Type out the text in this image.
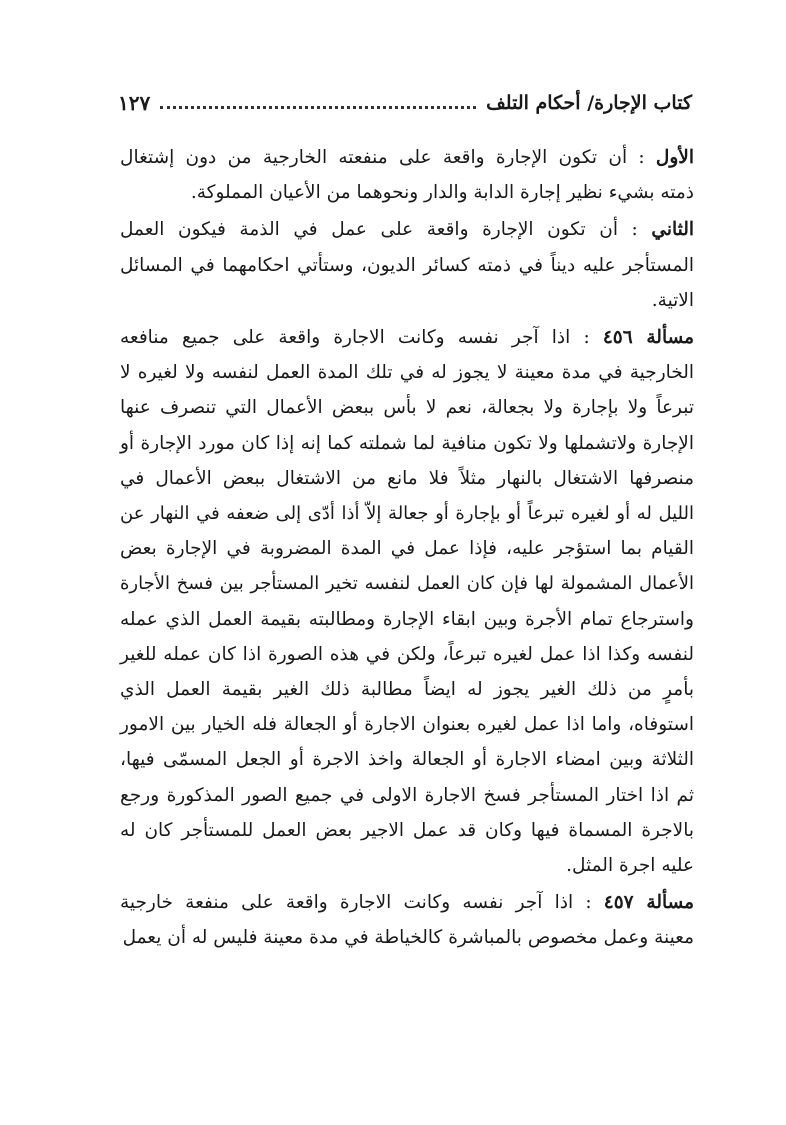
كتاب الإجارة/ أحكام التلف
١٢٧
الأول : أن تكون الإجارة واقعة على منفعته الخارجية من دون إشتغال
ذمته بشيء نظير إجارة الدابة والدار ونحوهما من الأعيان المملوكة.
الثاني : أن تكون الإجارة واقعة على عمل في الذمة فيكون العمل
المستأجر عليه ديناً في ذمته كسائر الديون، وستأتي احكامهما في المسائل
الاتية.
مسألة ٤٥٦ : اذا آجر نفسه وكانت الاجارة واقعة على جميع منافعه
الخارجية في مدة معينة لا يجوز له في تلك المدة العمل لنفسه ولا لغيره لا
تبرعاً ولا بإجارة ولا بجعالة، نعم لا بأس ببعض الأعمال التي تنصرف عنها
الإجارة ولاتشملها ولا تكون منافية لما شملته كما إنه إذا كان مورد الإجارة أو
منصرفها الاشتغال بالنهار مثلاً فلا مانع من الاشتغال ببعض الأعمال في
الليل له أو لغيره تبرعاً أو بإجارة أو جعالة إلاّ أذا أدّى إلى ضعفه في النهار عن
القيام بما استؤجر عليه، فإذا عمل في المدة المضروبة في الإجارة بعض
الأعمال المشمولة لها فإن كان العمل لنفسه تخير المستأجر بين فسخ الأجارة
واسترجاع تمام الأجرة وبين ابقاء الإجارة ومطالبته بقيمة العمل الذي عمله
لنفسه وكذا اذا عمل لغيره تبرعاً، ولكن في هذه الصورة اذا كان عمله للغير
بأمرٍ من ذلك الغير يجوز له ايضاً مطالبة ذلك الغير بقيمة العمل الذي
استوفاه، واما اذا عمل لغيره بعنوان الاجارة أو الجعالة فله الخيار بين الامور
الثلاثة وبين امضاء الاجارة أو الجعالة واخذ الاجرة أو الجعل المسمّى فيها،
ثم اذا اختار المستأجر فسخ الاجارة الاولى في جميع الصور المذكورة ورجع
بالاجرة المسماة فيها وكان قد عمل الاجير بعض العمل للمستأجر كان له
عليه اجرة المثل.
مسألة ٤٥٧ : اذا آجر نفسه وكانت الاجارة واقعة على منفعة خارجية
معينة وعمل مخصوص بالمباشرة كالخياطة في مدة معينة فليس له أن يعمل
